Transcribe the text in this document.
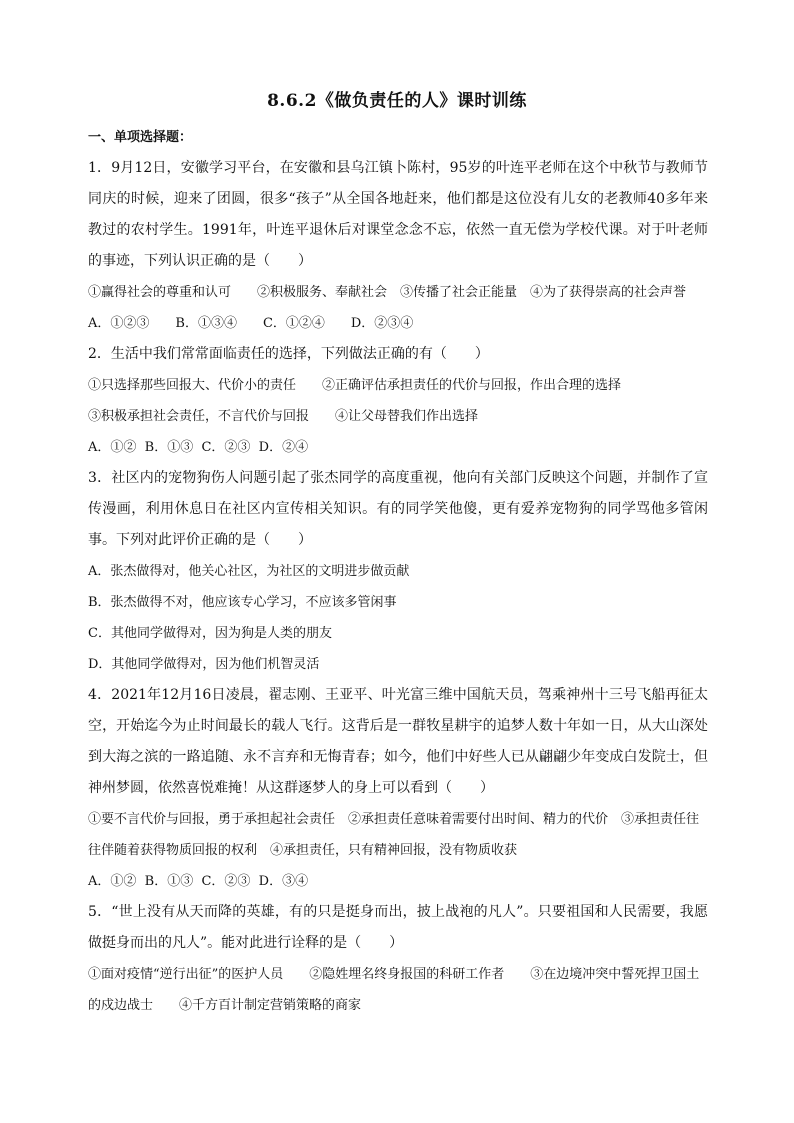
8.6.2《做负责任的人》课时训练
一、单项选择题：
1．9月12日，安徽学习平台，在安徽和县乌江镇卜陈村，95岁的叶连平老师在这个中秋节与教师节同庆的时候，迎来了团圆，很多“孩子”从全国各地赶来，他们都是这位没有儿女的老教师40多年来教过的农村学生。1991年，叶连平退休后对课堂念念不忘，依然一直无偿为学校代课。对于叶老师的事迹，下列认识正确的是（　　）
①赢得社会的尊重和认可　　②积极服务、奉献社会　③传播了社会正能量　④为了获得崇高的社会声誉
A．①②③　　B．①③④　　C．①②④　　D．②③④
2．生活中我们常常面临责任的选择，下列做法正确的有（　　）
①只选择那些回报大、代价小的责任　　②正确评估承担责任的代价与回报，作出合理的选择
③积极承担社会责任，不言代价与回报　　④让父母替我们作出选择
A．①②  B．①③  C．②③  D．②④
3．社区内的宠物狗伤人问题引起了张杰同学的高度重视，他向有关部门反映这个问题，并制作了宣传漫画，利用休息日在社区内宣传相关知识。有的同学笑他傻，更有爱养宠物狗的同学骂他多管闲事。下列对此评价正确的是（　　）
A．张杰做得对，他关心社区，为社区的文明进步做贡献
B．张杰做得不对，他应该专心学习，不应该多管闲事
C．其他同学做得对，因为狗是人类的朋友
D．其他同学做得对，因为他们机智灵活
4．2021年12月16日凌晨，翟志刚、王亚平、叶光富三维中国航天员，驾乘神州十三号飞船再征太空，开始迄今为止时间最长的载人飞行。这背后是一群牧星耕宇的追梦人数十年如一日，从大山深处到大海之滨的一路追随、永不言弃和无悔青春；如今，他们中好些人已从翩翩少年变成白发院士，但神州梦圆，依然喜悦难掩！从这群逐梦人的身上可以看到（　　）
①要不言代价与回报，勇于承担起社会责任　②承担责任意味着需要付出时间、精力的代价　③承担责任往往伴随着获得物质回报的权利　④承担责任，只有精神回报，没有物质收获
A．①②  B．①③  C．②③  D．③④
5．“世上没有从天而降的英雄，有的只是挺身而出，披上战袍的凡人”。只要祖国和人民需要，我愿做挺身而出的凡人”。能对此进行诠释的是（　　）
①面对疫情“逆行出征”的医护人员　　②隐姓埋名终身报国的科研工作者　　③在边境冲突中誓死捍卫国土的戍边战士　　④千方百计制定营销策略的商家
